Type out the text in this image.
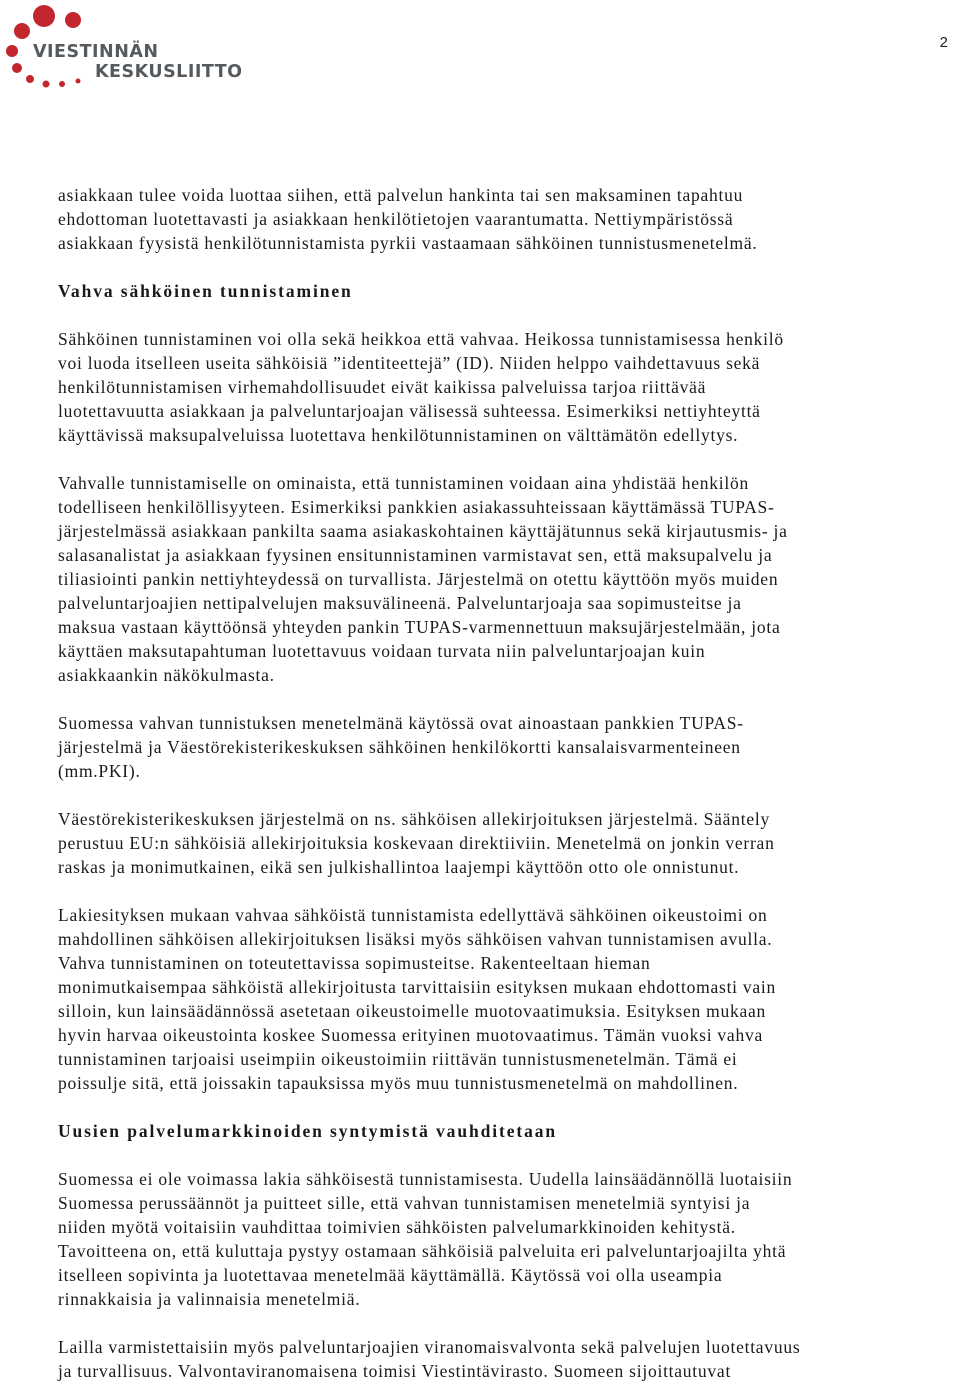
VIESTINNÄN
KESKUSLIITTO
2

asiakkaan tulee voida luottaa siihen, että palvelun hankinta tai sen maksaminen tapahtuu
ehdottoman luotettavasti ja asiakkaan henkilötietojen vaarantumatta. Nettiympäristössä
asiakkaan fyysistä henkilötunnistamista pyrkii vastaamaan sähköinen tunnistusmenetelmä.

Vahva sähköinen tunnistaminen

Sähköinen tunnistaminen voi olla sekä heikkoa että vahvaa. Heikossa tunnistamisessa henkilö
voi luoda itselleen useita sähköisiä ”identiteettejä” (ID). Niiden helppo vaihdettavuus sekä
henkilötunnistamisen virhemahdollisuudet eivät kaikissa palveluissa tarjoa riittävää
luotettavuutta asiakkaan ja palveluntarjoajan välisessä suhteessa. Esimerkiksi nettiyhteyttä
käyttävissä maksupalveluissa luotettava henkilötunnistaminen on välttämätön edellytys.

Vahvalle tunnistamiselle on ominaista, että tunnistaminen voidaan aina yhdistää henkilön
todelliseen henkilöllisyyteen. Esimerkiksi pankkien asiakassuhteissaan käyttämässä TUPAS-
järjestelmässä asiakkaan pankilta saama asiakaskohtainen käyttäjätunnus sekä kirjautusmis- ja
salasanalistat ja asiakkaan fyysinen ensitunnistaminen varmistavat sen, että maksupalvelu ja
tiliasiointi pankin nettiyhteydessä on turvallista. Järjestelmä on otettu käyttöön myös muiden
palveluntarjoajien nettipalvelujen maksuvälineenä. Palveluntarjoaja saa sopimusteitse ja
maksua vastaan käyttöönsä yhteyden pankin TUPAS-varmennettuun maksujärjestelmään, jota
käyttäen maksutapahtuman luotettavuus voidaan turvata niin palveluntarjoajan kuin
asiakkaankin näkökulmasta.

Suomessa vahvan tunnistuksen menetelmänä käytössä ovat ainoastaan pankkien TUPAS-
järjestelmä ja Väestörekisterikeskuksen sähköinen henkilökortti kansalaisvarmenteineen
(mm.PKI).

Väestörekisterikeskuksen järjestelmä on ns. sähköisen allekirjoituksen järjestelmä. Sääntely
perustuu EU:n sähköisiä allekirjoituksia koskevaan direktiiviin. Menetelmä on jonkin verran
raskas ja monimutkainen, eikä sen julkishallintoa laajempi käyttöön otto ole onnistunut.

Lakiesityksen mukaan vahvaa sähköistä tunnistamista edellyttävä sähköinen oikeustoimi on
mahdollinen sähköisen allekirjoituksen lisäksi myös sähköisen vahvan tunnistamisen avulla.
Vahva tunnistaminen on toteutettavissa sopimusteitse. Rakenteeltaan hieman
monimutkaisempaa sähköistä allekirjoitusta tarvittaisiin esityksen mukaan ehdottomasti vain
silloin, kun lainsäädännössä asetetaan oikeustoimelle muotovaatimuksia. Esityksen mukaan
hyvin harvaa oikeustointa koskee Suomessa erityinen muotovaatimus. Tämän vuoksi vahva
tunnistaminen tarjoaisi useimpiin oikeustoimiin riittävän tunnistusmenetelmän. Tämä ei
poissulje sitä, että joissakin tapauksissa myös muu tunnistusmenetelmä on mahdollinen.

Uusien palvelumarkkinoiden syntymistä vauhditetaan

Suomessa ei ole voimassa lakia sähköisestä tunnistamisesta. Uudella lainsäädännöllä luotaisiin
Suomessa perussäännöt ja puitteet sille, että vahvan tunnistamisen menetelmiä syntyisi ja
niiden myötä voitaisiin vauhdittaa toimivien sähköisten palvelumarkkinoiden kehitystä.
Tavoitteena on, että kuluttaja pystyy ostamaan sähköisiä palveluita eri palveluntarjoajilta yhtä
itselleen sopivinta ja luotettavaa menetelmää käyttämällä. Käytössä voi olla useampia
rinnakkaisia ja valinnaisia menetelmiä.

Lailla varmistettaisiin myös palveluntarjoajien viranomaisvalvonta sekä palvelujen luotettavuus
ja turvallisuus. Valvontaviranomaisena toimisi Viestintävirasto. Suomeen sijoittautuvat
